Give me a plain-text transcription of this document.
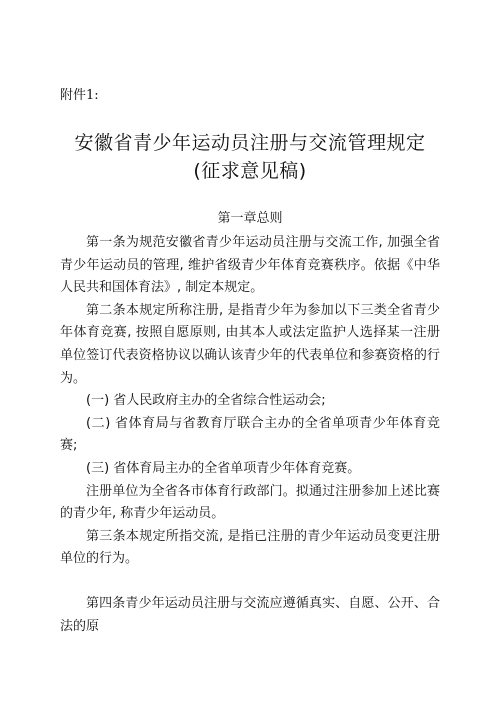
附件1:
安徽省青少年运动员注册与交流管理规定
(征求意见稿)
第一章总则

第一条为规范安徽省青少年运动员注册与交流工作, 加强全省青少年运动员的管理, 维护省级青少年体育竞赛秩序。依据《中华人民共和国体育法》, 制定本规定。

第二条本规定所称注册, 是指青少年为参加以下三类全省青少年体育竞赛, 按照自愿原则, 由其本人或法定监护人选择某一注册单位签订代表资格协议以确认该青少年的代表单位和参赛资格的行为。

(一) 省人民政府主办的全省综合性运动会;

(二) 省体育局与省教育厅联合主办的全省单项青少年体育竞赛;

(三) 省体育局主办的全省单项青少年体育竞赛。

注册单位为全省各市体育行政部门。拟通过注册参加上述比赛的青少年, 称青少年运动员。

第三条本规定所指交流, 是指已注册的青少年运动员变更注册单位的行为。

第四条青少年运动员注册与交流应遵循真实、自愿、公开、合法的原
